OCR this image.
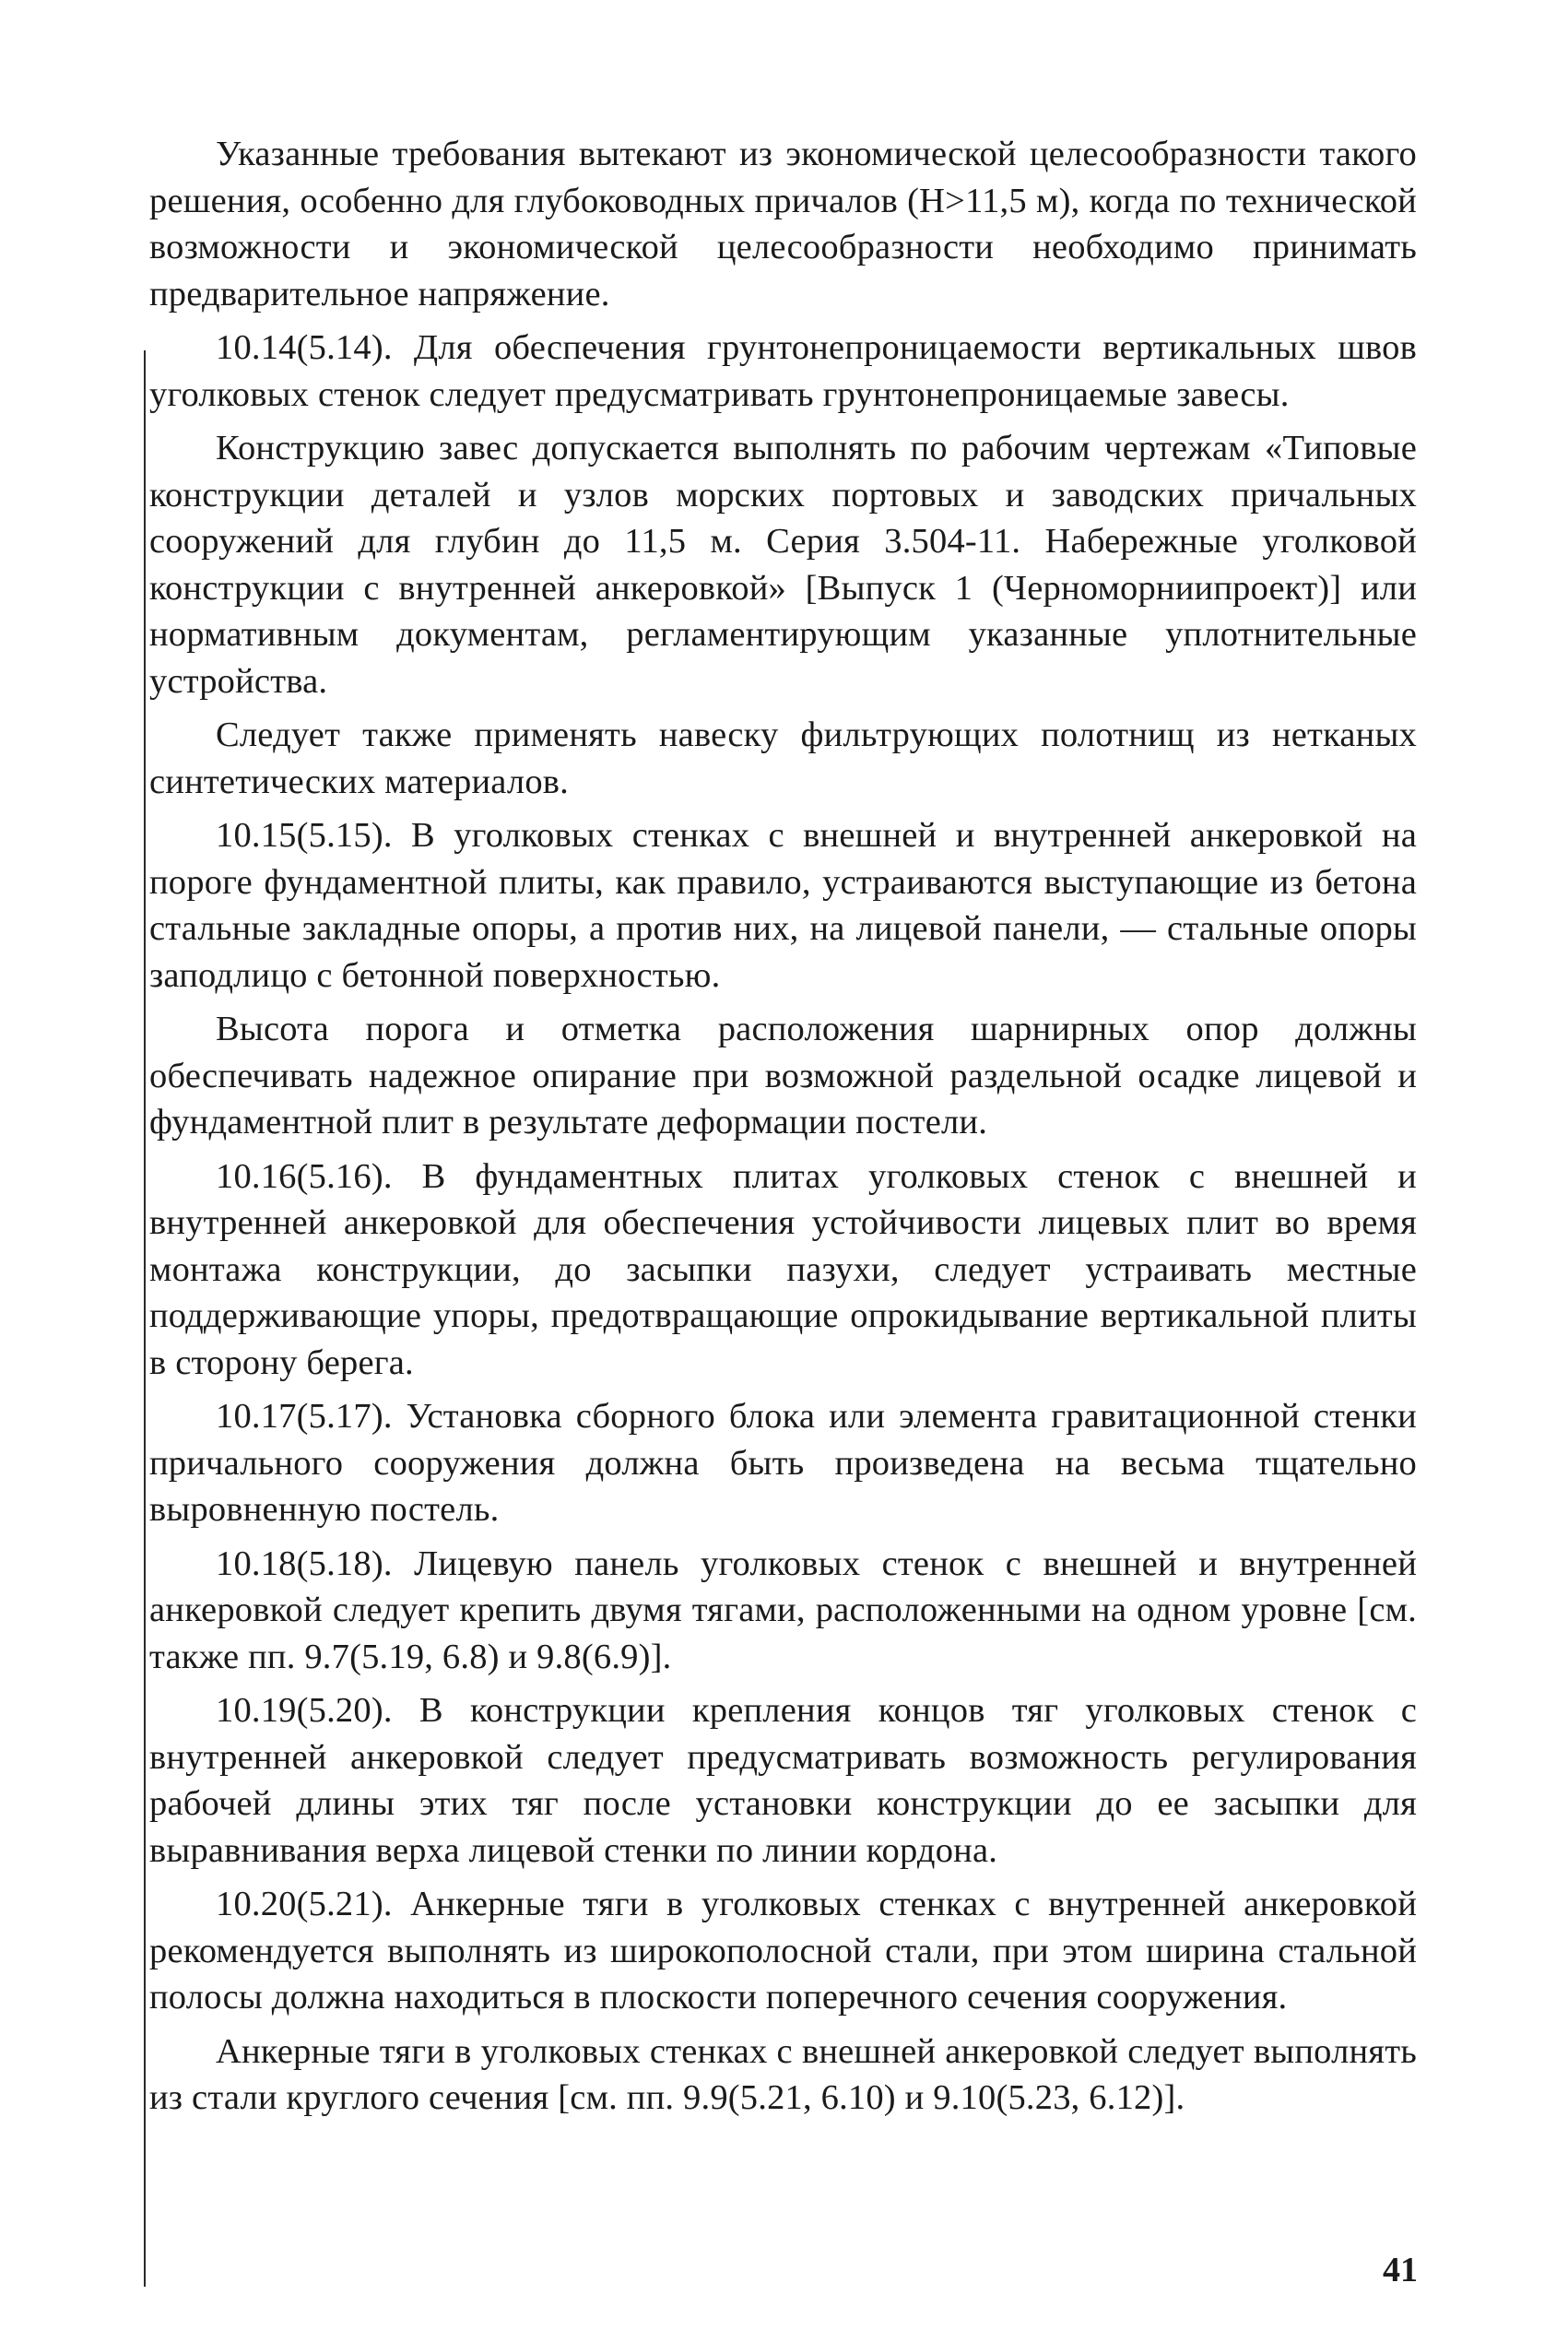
Указанные требования вытекают из экономической целесообразности такого решения, особенно для глубоководных причалов (H>11,5 м), когда по технической возможности и экономической целесообразности необходимо принимать предварительное напряжение.

10.14(5.14). Для обеспечения грунтонепроницаемости вертикальных швов уголковых стенок следует предусматривать грунтонепроницаемые завесы.

Конструкцию завес допускается выполнять по рабочим чертежам «Типовые конструкции деталей и узлов морских портовых и заводских причальных сооружений для глубин до 11,5 м. Серия 3.504-11. Набережные уголковой конструкции с внутренней анкеровкой» [Выпуск 1 (Черноморниипроект)] или нормативным документам, регламентирующим указанные уплотнительные устройства.

Следует также применять навеску фильтрующих полотнищ из нетканых синтетических материалов.

10.15(5.15). В уголковых стенках с внешней и внутренней анкеровкой на пороге фундаментной плиты, как правило, устраиваются выступающие из бетона стальные закладные опоры, а против них, на лицевой панели, — стальные опоры заподлицо с бетонной поверхностью.

Высота порога и отметка расположения шарнирных опор должны обеспечивать надежное опирание при возможной раздельной осадке лицевой и фундаментной плит в результате деформации постели.

10.16(5.16). В фундаментных плитах уголковых стенок с внешней и внутренней анкеровкой для обеспечения устойчивости лицевых плит во время монтажа конструкции, до засыпки пазухи, следует устраивать местные поддерживающие упоры, предотвращающие опрокидывание вертикальной плиты в сторону берега.

10.17(5.17). Установка сборного блока или элемента гравитационной стенки причального сооружения должна быть произведена на весьма тщательно выровненную постель.

10.18(5.18). Лицевую панель уголковых стенок с внешней и внутренней анкеровкой следует крепить двумя тягами, расположенными на одном уровне [см. также пп. 9.7(5.19, 6.8) и 9.8(6.9)].

10.19(5.20). В конструкции крепления концов тяг уголковых стенок с внутренней анкеровкой следует предусматривать возможность регулирования рабочей длины этих тяг после установки конструкции до ее засыпки для выравнивания верха лицевой стенки по линии кордона.

10.20(5.21). Анкерные тяги в уголковых стенках с внутренней анкеровкой рекомендуется выполнять из широкополосной стали, при этом ширина стальной полосы должна находиться в плоскости поперечного сечения сооружения.

Анкерные тяги в уголковых стенках с внешней анкеровкой следует выполнять из стали круглого сечения [см. пп. 9.9(5.21, 6.10) и 9.10(5.23, 6.12)].

41
